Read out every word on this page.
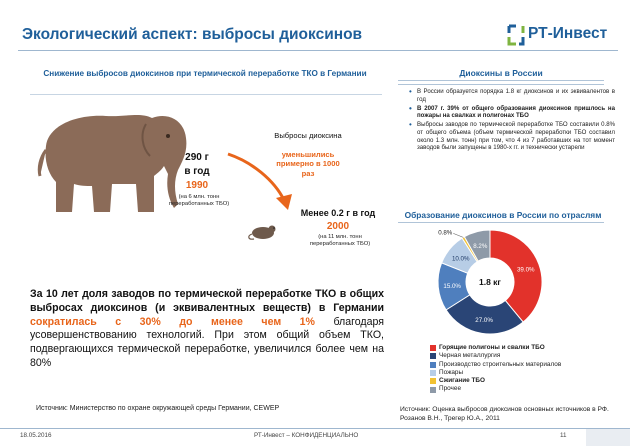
Экологический аспект: выбросы диоксинов	РТ-Инвест
Снижение выбросов диоксинов при термической переработке ТКО в Германии
290 г
в год
1990
(на 6 млн. тонн переработанных ТБО)
Выбросы диоксина
уменьшились примерно в 1000 раз
Менее 0.2 г в год
2000
(на 11 млн. тонн переработанных ТБО)
За 10 лет доля заводов по термической переработке ТКО в общих выбросах диоксинов (и эквивалентных веществ) в Германии сократилась с 30% до менее чем 1% благодаря усовершенствованию технологий. При этом общий объем ТКО, подвергающихся термической переработке, увеличился более чем на 80%
Источник: Министерство по охране окружающей среды Германии, CEWEP
Диоксины в России
• В России образуется порядка 1.8 кг диоксинов и их эквивалентов в год
• В 2007 г. 39% от общего образования диоксинов пришлось на пожары на свалках и полигонах ТБО
• Выбросы заводов по термической переработке ТБО составили 0.8% от общего объема (объем термической переработки ТБО составил около 1.3 млн. тонн) при том, что 4 из 7 работавших на тот момент заводов были запущены в 1980-х гг. и технически устарели
Образование диоксинов в России по отраслям
1.8 кг
39.0%
27.0%
15.0%
10.0%
0.8%
8.2%
Горящие полигоны и свалки ТБО
Черная металлургия
Производство строительных материалов
Пожары
Сжигание ТБО
Прочее
Источник: Оценка выбросов диоксинов основных источников в РФ. Розанов В.Н., Трегер Ю.А., 2011
18.05.2016	РТ-Инвест – КОНФИДЕНЦИАЛЬНО	11
